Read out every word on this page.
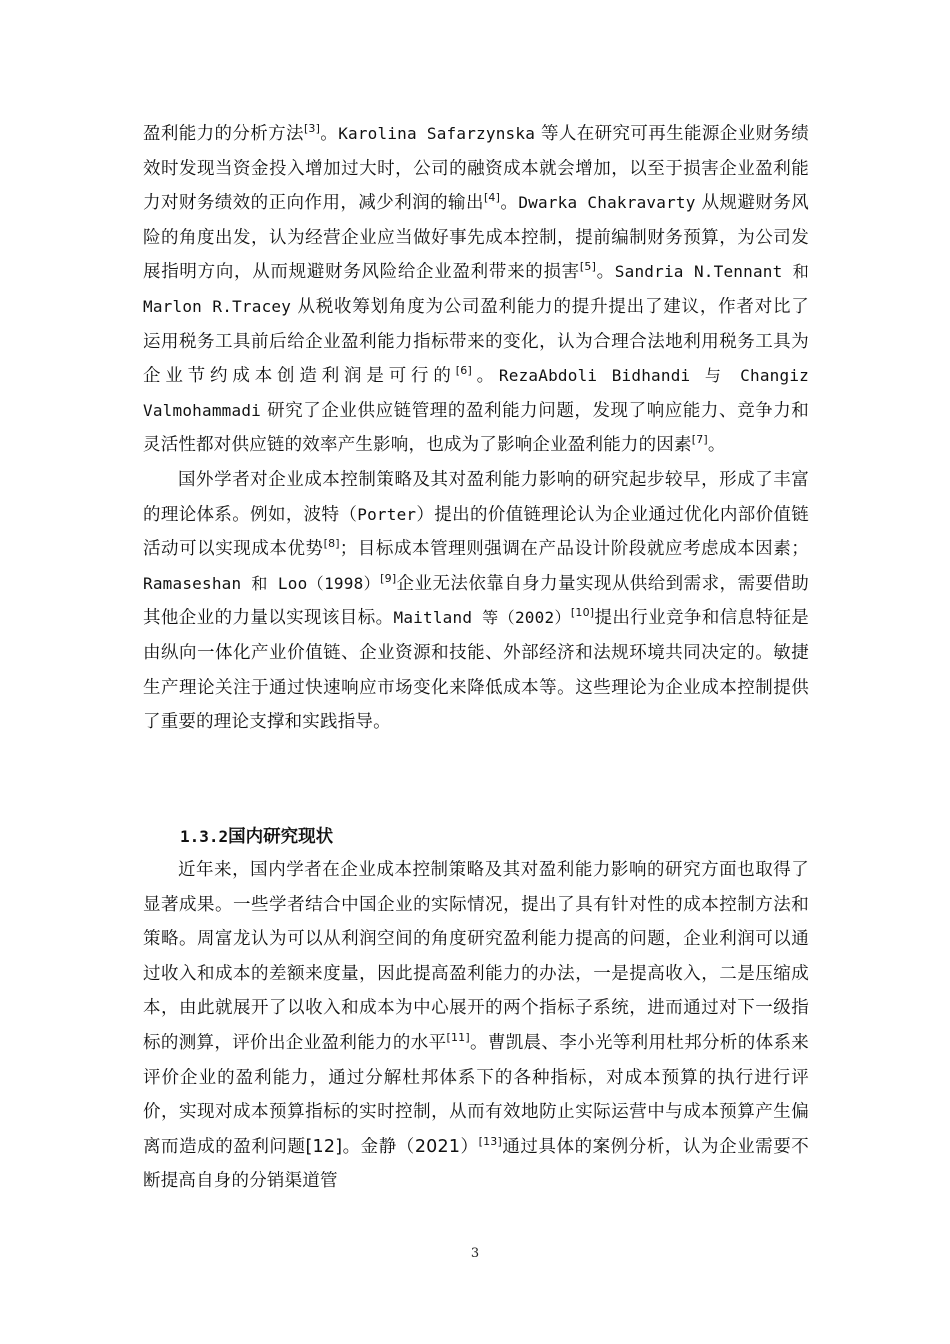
盈利能力的分析方法[3]。Karolina Safarzynska 等人在研究可再生能源企业财务绩效时发现当资金投入增加过大时，公司的融资成本就会增加，以至于损害企业盈利能力对财务绩效的正向作用，减少利润的输出[4]。Dwarka Chakravarty 从规避财务风险的角度出发，认为经营企业应当做好事先成本控制，提前编制财务预算，为公司发展指明方向，从而规避财务风险给企业盈利带来的损害[5]。Sandria N.Tennant 和 Marlon R.Tracey 从税收筹划角度为公司盈利能力的提升提出了建议，作者对比了运用税务工具前后给企业盈利能力指标带来的变化，认为合理合法地利用税务工具为企业节约成本创造利润是可行的[6]。RezaAbdoli Bidhandi 与 Changiz Valmohammadi 研究了企业供应链管理的盈利能力问题，发现了响应能力、竞争力和灵活性都对供应链的效率产生影响，也成为了影响企业盈利能力的因素[7]。

国外学者对企业成本控制策略及其对盈利能力影响的研究起步较早，形成了丰富的理论体系。例如，波特（Porter）提出的价值链理论认为企业通过优化内部价值链活动可以实现成本优势[8]；目标成本管理则强调在产品设计阶段就应考虑成本因素；Ramaseshan 和 Loo（1998）[9]企业无法依靠自身力量实现从供给到需求，需要借助其他企业的力量以实现该目标。Maitland 等（2002）[10]提出行业竞争和信息特征是由纵向一体化产业价值链、企业资源和技能、外部经济和法规环境共同决定的。敏捷生产理论关注于通过快速响应市场变化来降低成本等。这些理论为企业成本控制提供了重要的理论支撑和实践指导。

1.3.2国内研究现状

近年来，国内学者在企业成本控制策略及其对盈利能力影响的研究方面也取得了显著成果。一些学者结合中国企业的实际情况，提出了具有针对性的成本控制方法和策略。周富龙认为可以从利润空间的角度研究盈利能力提高的问题，企业利润可以通过收入和成本的差额来度量，因此提高盈利能力的办法，一是提高收入，二是压缩成本，由此就展开了以收入和成本为中心展开的两个指标子系统，进而通过对下一级指标的测算，评价出企业盈利能力的水平[11]。曹凯晨、李小光等利用杜邦分析的体系来评价企业的盈利能力，通过分解杜邦体系下的各种指标，对成本预算的执行进行评价，实现对成本预算指标的实时控制，从而有效地防止实际运营中与成本预算产生偏离而造成的盈利问题[12]。金静（2021）[13]通过具体的案例分析，认为企业需要不断提高自身的分销渠道管

3
